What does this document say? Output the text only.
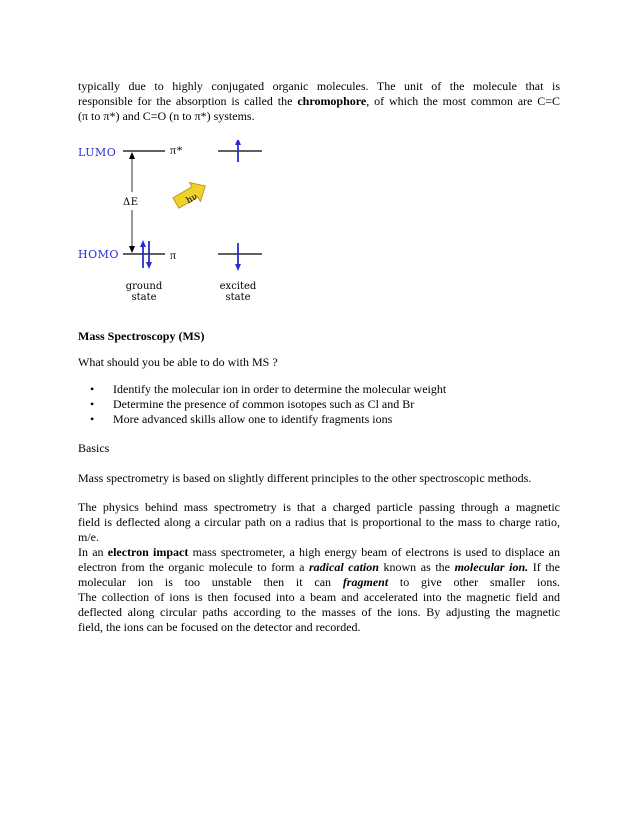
typically due to highly conjugated organic molecules. The unit of the molecule that is
responsible for the absorption is called the chromophore, of which the most common are C=C
(π to π*) and C=O (n to π*) systems.
LUMO
HOMO
π*
π
ΔE
ground
state
excited
state
hν

Mass Spectroscopy (MS)

What should you be able to do with MS ?

• Identify the molecular ion in order to determine the molecular weight
• Determine the presence of common isotopes such as Cl and Br
• More advanced skills allow one to identify fragments ions

Basics

Mass spectrometry is based on slightly different principles to the other spectroscopic methods.

The physics behind mass spectrometry is that a charged particle passing through a magnetic
field is deflected along a circular path on a radius that is proportional to the mass to charge ratio,
m/e.
In an electron impact mass spectrometer, a high energy beam of electrons is used to displace an
electron from the organic molecule to form a radical cation known as the molecular ion. If the
molecular ion is too unstable then it can fragment to give other smaller ions.
The collection of ions is then focused into a beam and accelerated into the magnetic field and
deflected along circular paths according to the masses of the ions. By adjusting the magnetic
field, the ions can be focused on the detector and recorded.
